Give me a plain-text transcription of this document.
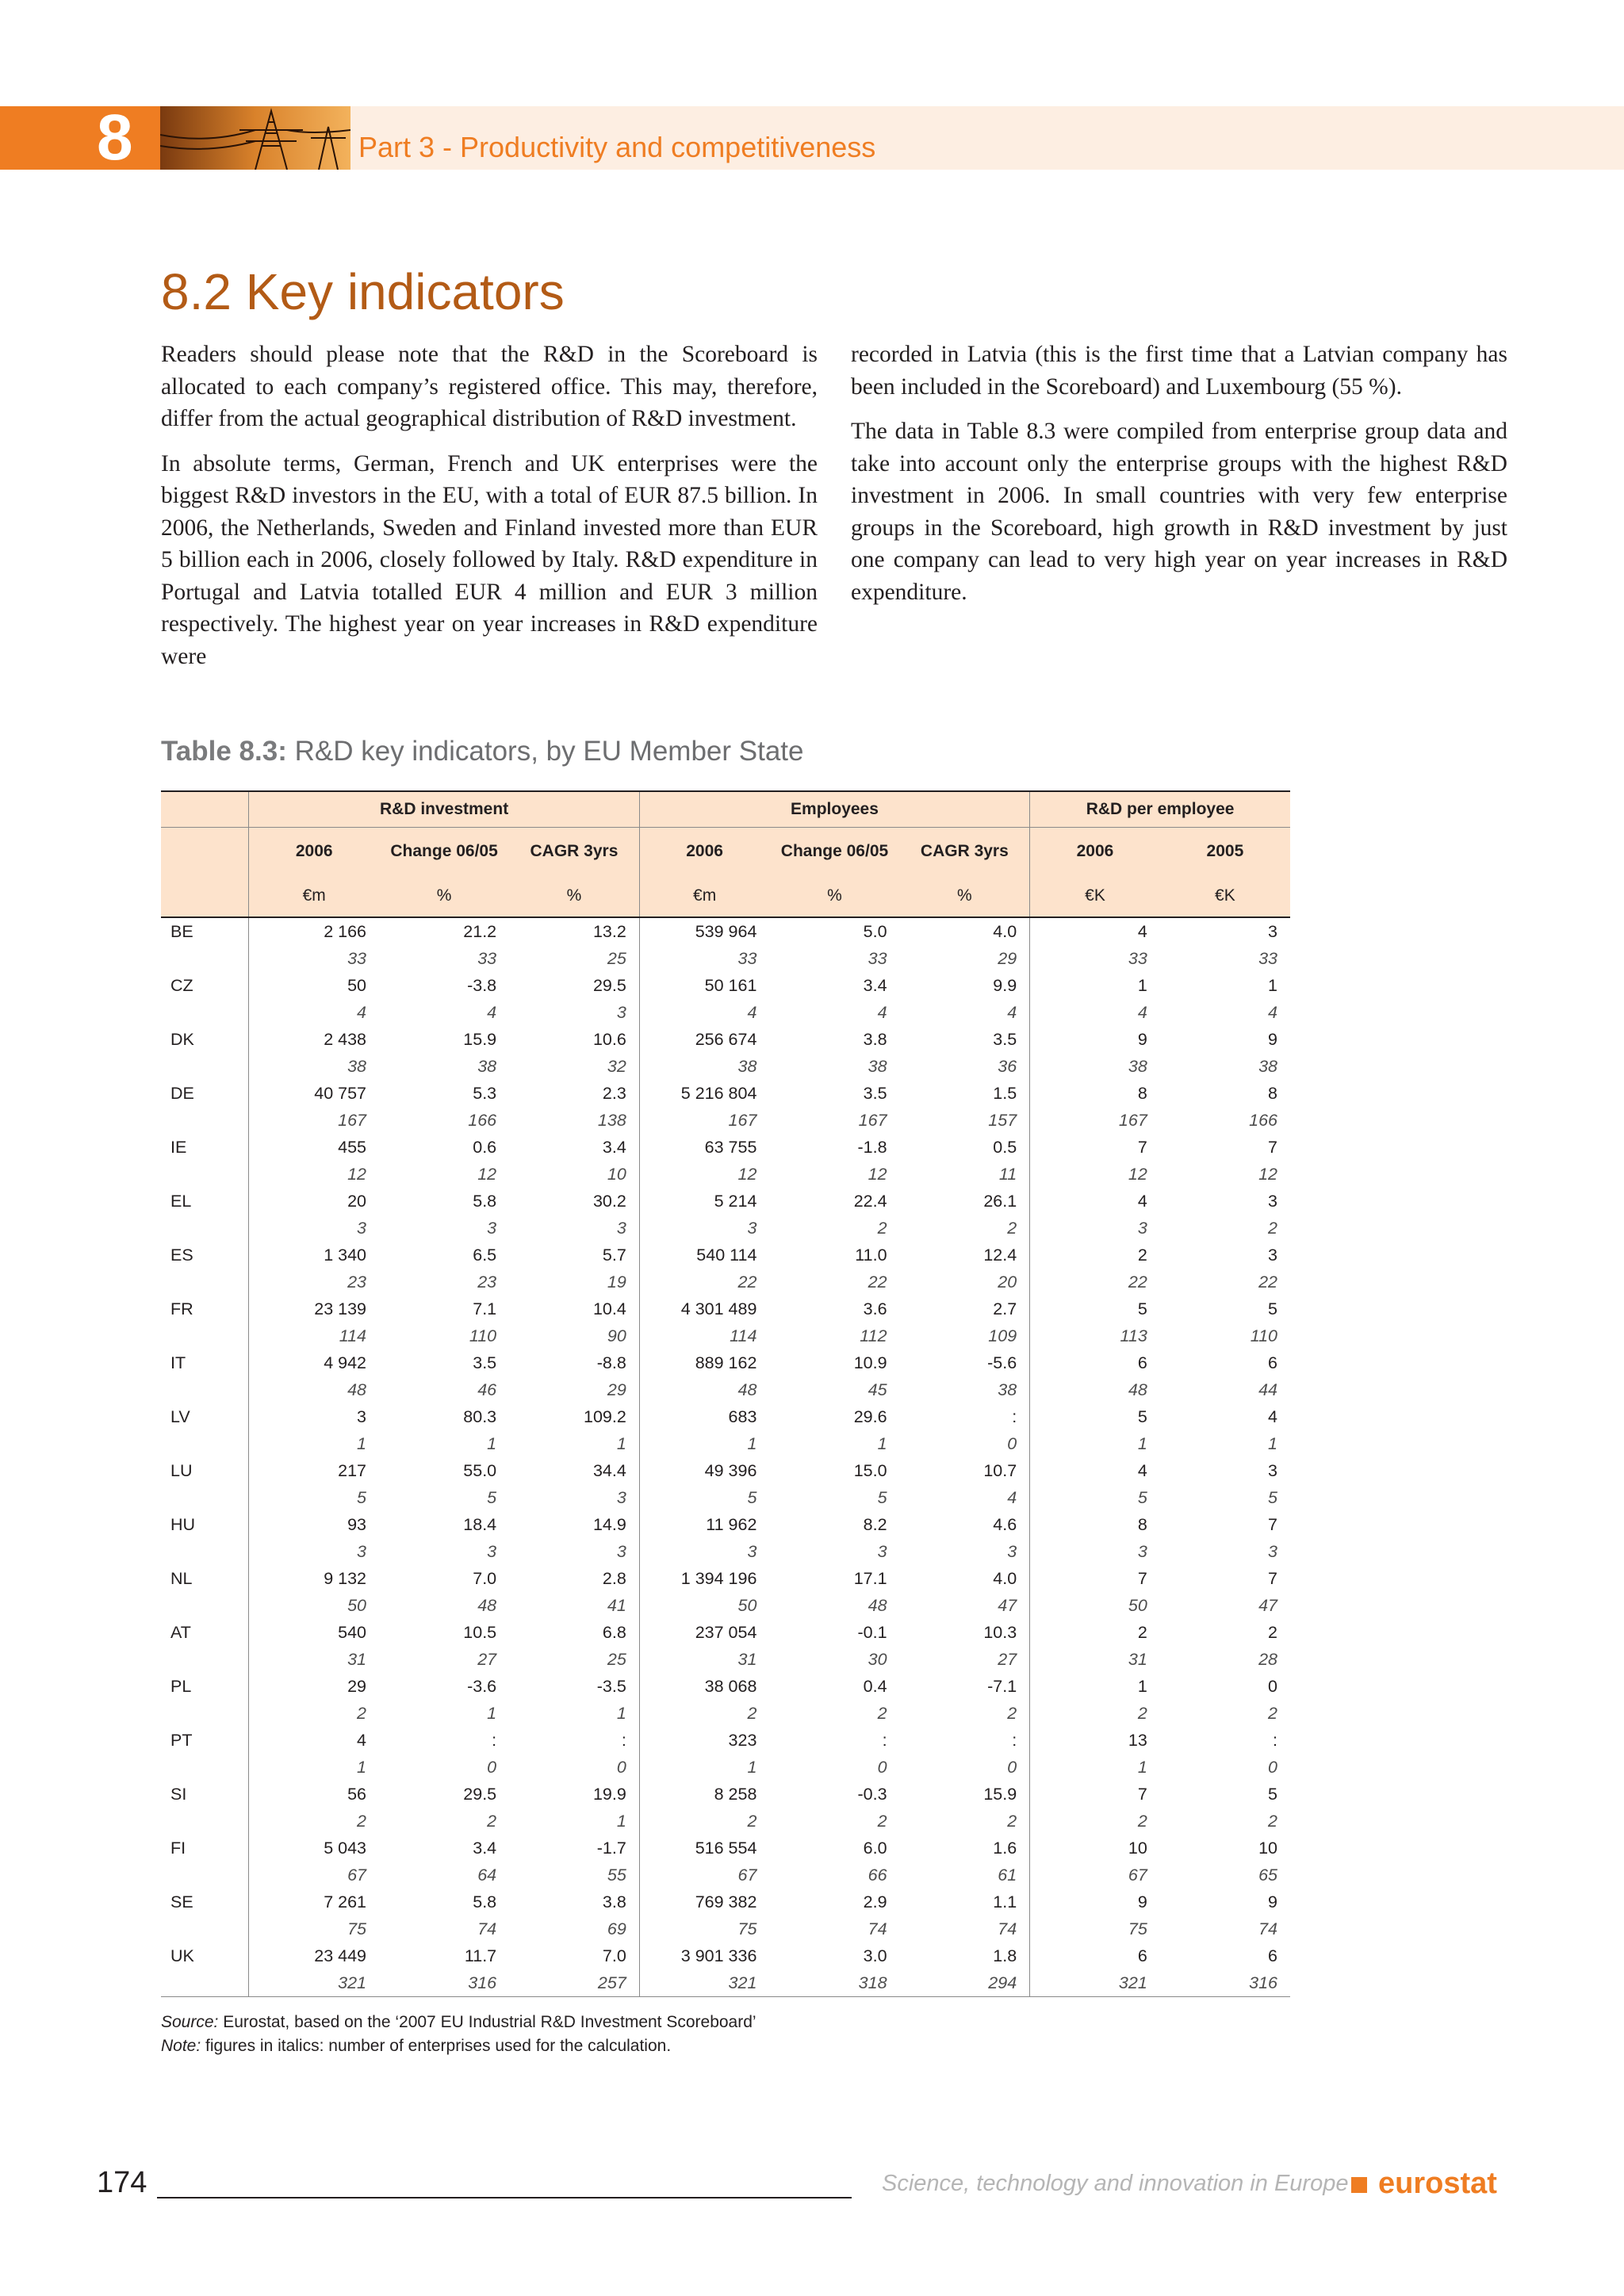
8	Part 3 - Productivity and competitiveness
8.2 Key indicators

Readers should please note that the R&D in the Scoreboard is allocated to each company’s registered office. This may, therefore, differ from the actual geographical distribution of R&D investment.

In absolute terms, German, French and UK enterprises were the biggest R&D investors in the EU, with a total of EUR 87.5 billion. In 2006, the Netherlands, Sweden and Finland invested more than EUR 5 billion each in 2006, closely followed by Italy. R&D expenditure in Portugal and Latvia totalled EUR 4 million and EUR 3 million respectively. The highest year on year increases in R&D expenditure were

recorded in Latvia (this is the first time that a Latvian company has been included in the Scoreboard) and Luxembourg (55 %).

The data in Table 8.3 were compiled from enterprise group data and take into account only the enterprise groups with the highest R&D investment in 2006. In small countries with very few enterprise groups in the Scoreboard, high growth in R&D investment by just one company can lead to very high year on year increases in R&D expenditure.

Table 8.3: R&D key indicators, by EU Member State
	R&D investment			Employees			R&D per employee	
	2006	Change 06/05	CAGR 3yrs	2006	Change 06/05	CAGR 3yrs	2006	2005
	€m	%	%	€m	%	%	€K	€K
BE	2 166	21.2	13.2	539 964	5.0	4.0	4	3
	33	33	25	33	33	29	33	33
CZ	50	-3.8	29.5	50 161	3.4	9.9	1	1
	4	4	3	4	4	4	4	4
DK	2 438	15.9	10.6	256 674	3.8	3.5	9	9
	38	38	32	38	38	36	38	38
DE	40 757	5.3	2.3	5 216 804	3.5	1.5	8	8
	167	166	138	167	167	157	167	166
IE	455	0.6	3.4	63 755	-1.8	0.5	7	7
	12	12	10	12	12	11	12	12
EL	20	5.8	30.2	5 214	22.4	26.1	4	3
	3	3	3	3	2	2	3	2
ES	1 340	6.5	5.7	540 114	11.0	12.4	2	3
	23	23	19	22	22	20	22	22
FR	23 139	7.1	10.4	4 301 489	3.6	2.7	5	5
	114	110	90	114	112	109	113	110
IT	4 942	3.5	-8.8	889 162	10.9	-5.6	6	6
	48	46	29	48	45	38	48	44
LV	3	80.3	109.2	683	29.6	:	5	4
	1	1	1	1	1	0	1	1
LU	217	55.0	34.4	49 396	15.0	10.7	4	3
	5	5	3	5	5	4	5	5
HU	93	18.4	14.9	11 962	8.2	4.6	8	7
	3	3	3	3	3	3	3	3
NL	9 132	7.0	2.8	1 394 196	17.1	4.0	7	7
	50	48	41	50	48	47	50	47
AT	540	10.5	6.8	237 054	-0.1	10.3	2	2
	31	27	25	31	30	27	31	28
PL	29	-3.6	-3.5	38 068	0.4	-7.1	1	0
	2	1	1	2	2	2	2	2
PT	4	:	:	323	:	:	13	:
	1	0	0	1	0	0	1	0
SI	56	29.5	19.9	8 258	-0.3	15.9	7	5
	2	2	1	2	2	2	2	2
FI	5 043	3.4	-1.7	516 554	6.0	1.6	10	10
	67	64	55	67	66	61	67	65
SE	7 261	5.8	3.8	769 382	2.9	1.1	9	9
	75	74	69	75	74	74	75	74
UK	23 449	11.7	7.0	3 901 336	3.0	1.8	6	6
	321	316	257	321	318	294	321	316
Source: Eurostat, based on the ‘2007 EU Industrial R&D Investment Scoreboard’
Note: figures in italics: number of enterprises used for the calculation.
174	Science, technology and innovation in Europe eurostat
